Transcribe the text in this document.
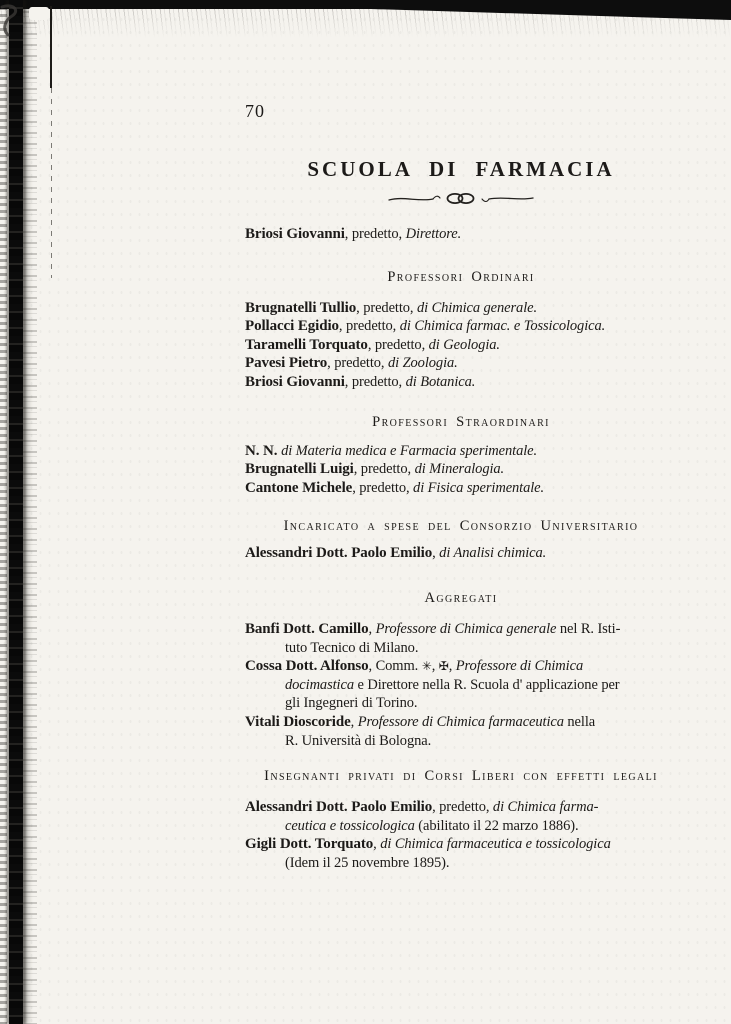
70
SCUOLA DI FARMACIA

Briosi Giovanni, predetto, Direttore.

Professori Ordinari

Brugnatelli Tullio, predetto, di Chimica generale.

Pollacci Egidio, predetto, di Chimica farmac. e Tossicologica.

Taramelli Torquato, predetto, di Geologia.

Pavesi Pietro, predetto, di Zoologia.

Briosi Giovanni, predetto, di Botanica.

Professori Straordinari

N. N. di Materia medica e Farmacia sperimentale.

Brugnatelli Luigi, predetto, di Mineralogia.

Cantone Michele, predetto, di Fisica sperimentale.

Incaricato a spese del Consorzio Universitario

Alessandri Dott. Paolo Emilio, di Analisi chimica.

Aggregati

Banfi Dott. Camillo, Professore di Chimica generale nel R. Isti-
tuto Tecnico di Milano.

Cossa Dott. Alfonso, Comm. ✳, ✠, Professore di Chimica
docimastica e Direttore nella R. Scuola d' applicazione per
gli Ingegneri di Torino.

Vitali Dioscoride, Professore di Chimica farmaceutica nella
R. Università di Bologna.

Insegnanti privati di Corsi Liberi con effetti legali

Alessandri Dott. Paolo Emilio, predetto, di Chimica farma-
ceutica e tossicologica (abilitato il 22 marzo 1886).

Gigli Dott. Torquato, di Chimica farmaceutica e tossicologica
(Idem il 25 novembre 1895).
